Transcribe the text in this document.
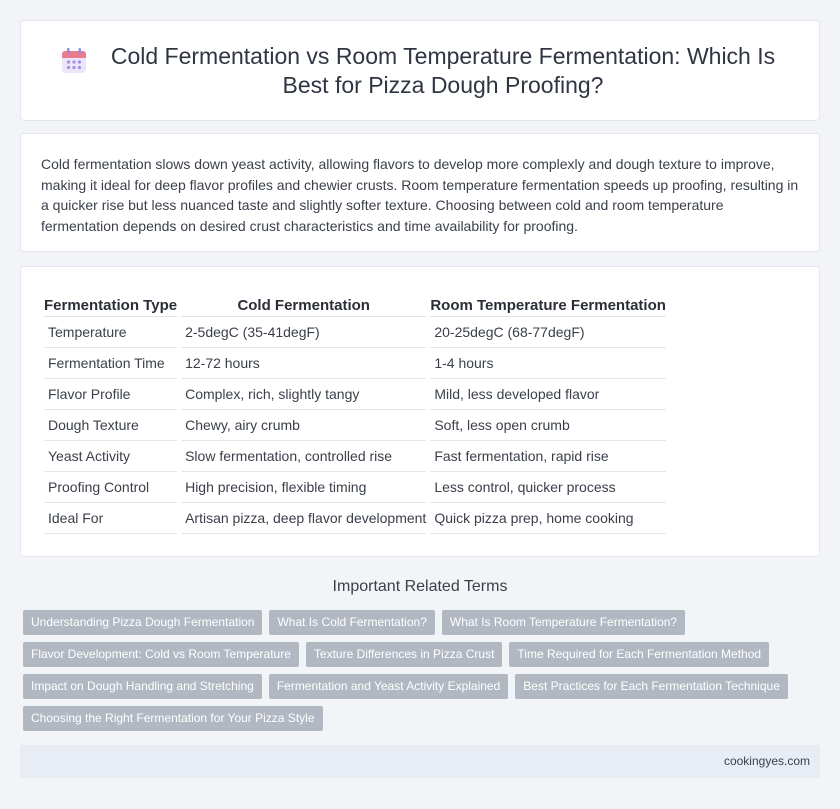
Cold Fermentation vs Room Temperature Fermentation: Which Is Best for Pizza Dough Proofing?

Cold fermentation slows down yeast activity, allowing flavors to develop more complexly and dough texture to improve, making it ideal for deep flavor profiles and chewier crusts. Room temperature fermentation speeds up proofing, resulting in a quicker rise but less nuanced taste and slightly softer texture. Choosing between cold and room temperature fermentation depends on desired crust characteristics and time availability for proofing.

Fermentation Type	Cold Fermentation	Room Temperature Fermentation
Temperature	2-5degC (35-41degF)	20-25degC (68-77degF)
Fermentation Time	12-72 hours	1-4 hours
Flavor Profile	Complex, rich, slightly tangy	Mild, less developed flavor
Dough Texture	Chewy, airy crumb	Soft, less open crumb
Yeast Activity	Slow fermentation, controlled rise	Fast fermentation, rapid rise
Proofing Control	High precision, flexible timing	Less control, quicker process
Ideal For	Artisan pizza, deep flavor development	Quick pizza prep, home cooking
Important Related Terms
Understanding Pizza Dough Fermentation	What Is Cold Fermentation?	What Is Room Temperature Fermentation?
Flavor Development: Cold vs Room Temperature	Texture Differences in Pizza Crust	Time Required for Each Fermentation Method
Impact on Dough Handling and Stretching	Fermentation and Yeast Activity Explained	Best Practices for Each Fermentation Technique
Choosing the Right Fermentation for Your Pizza Style
cookingyes.com
